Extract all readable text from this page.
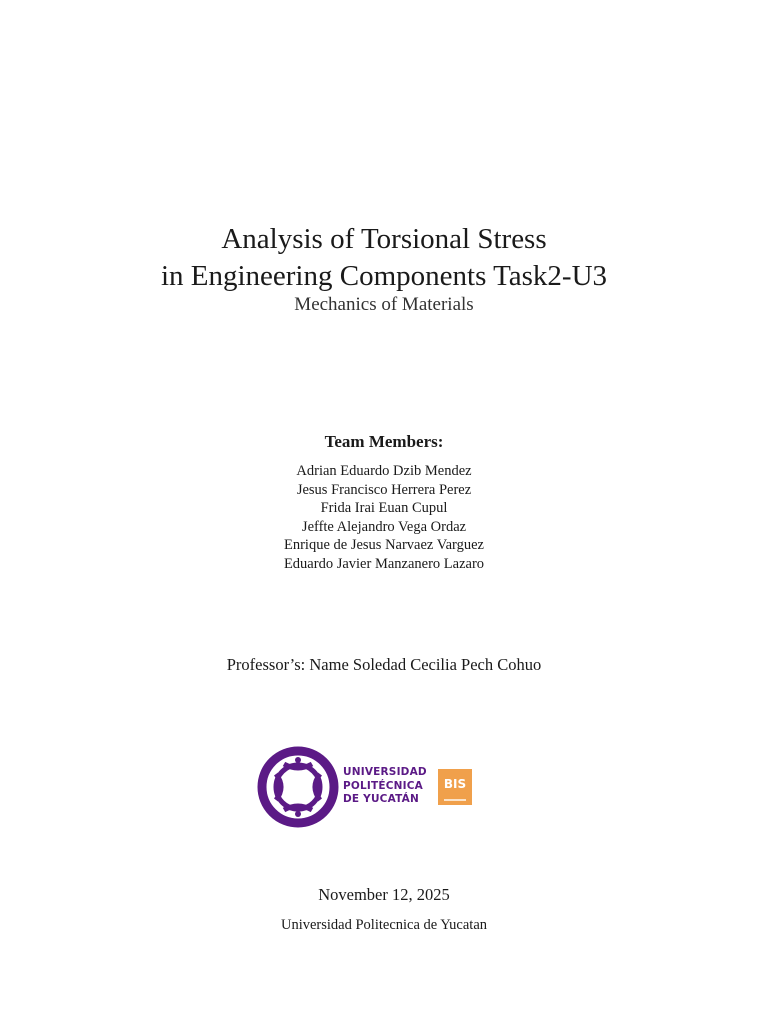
Analysis of Torsional Stress
in Engineering Components Task2-U3
Mechanics of Materials
Team Members:
Adrian Eduardo Dzib Mendez
Jesus Francisco Herrera Perez
Frida Irai Euan Cupul
Jeffte Alejandro Vega Ordaz
Enrique de Jesus Narvaez Varguez
Eduardo Javier Manzanero Lazaro
Professor’s: Name Soledad Cecilia Pech Cohuo
UNIVERSIDAD
POLITÉCNICA
DE YUCATÁN
BIS
November 12, 2025
Universidad Politecnica de Yucatan
